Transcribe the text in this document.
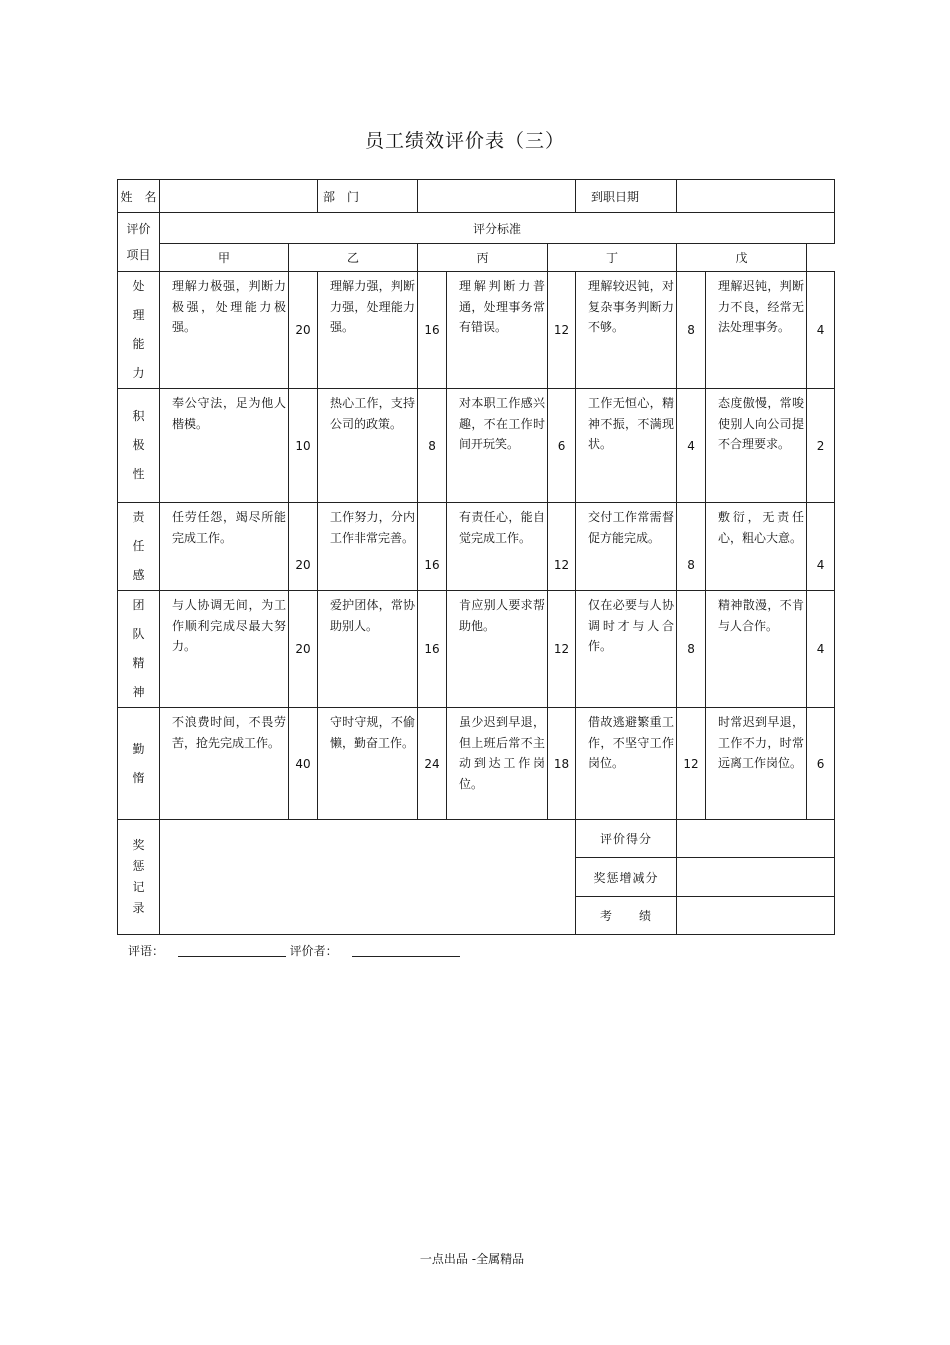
员工绩效评价表（三）
姓　名			部　门				到职日期			

评价
项目	评分标准									
	甲	乙		丙		丁		戊		

处
理
能
力	理解力极强，判断力极强，处理能力极强。	20	理解力强，判断力强，处理能力强。	16	理解判断力普通，处理事务常有错误。	12	理解较迟钝，对复杂事务判断力不够。	8	理解迟钝，判断力不良，经常无法处理事务。	4

积
极
性	奉公守法，足为他人楷模。	10	热心工作，支持公司的政策。	8	对本职工作感兴趣，不在工作时间开玩笑。	6	工作无恒心，精神不振，不满现状。	4	态度傲慢，常唆使别人向公司提不合理要求。	2

责
任
感	任劳任怨，竭尽所能完成工作。	20	工作努力，分内工作非常完善。	16	有责任心，能自觉完成工作。	12	交付工作常需督促方能完成。	8	敷衍，无责任心，粗心大意。	4

团
队
精
神	与人协调无间，为工作顺利完成尽最大努力。	20	爱护团体，常协助别人。	16	肯应别人要求帮助他。	12	仅在必要与人协调时才与人合作。	8	精神散漫，不肯与人合作。	4

勤
惰	不浪费时间，不畏劳苦，抢先完成工作。	40	守时守规，不偷懒，勤奋工作。	24	虽少迟到早退，但上班后常不主动到达工作岗位。	18	借故逃避繁重工作，不坚守工作岗位。	12	时常迟到早退，工作不力，时常远离工作岗位。	6

奖
惩
记
录							评价得分			
							奖惩增减分			
							考　　绩			
评语：	评价者：
一点出品 -全属精品
